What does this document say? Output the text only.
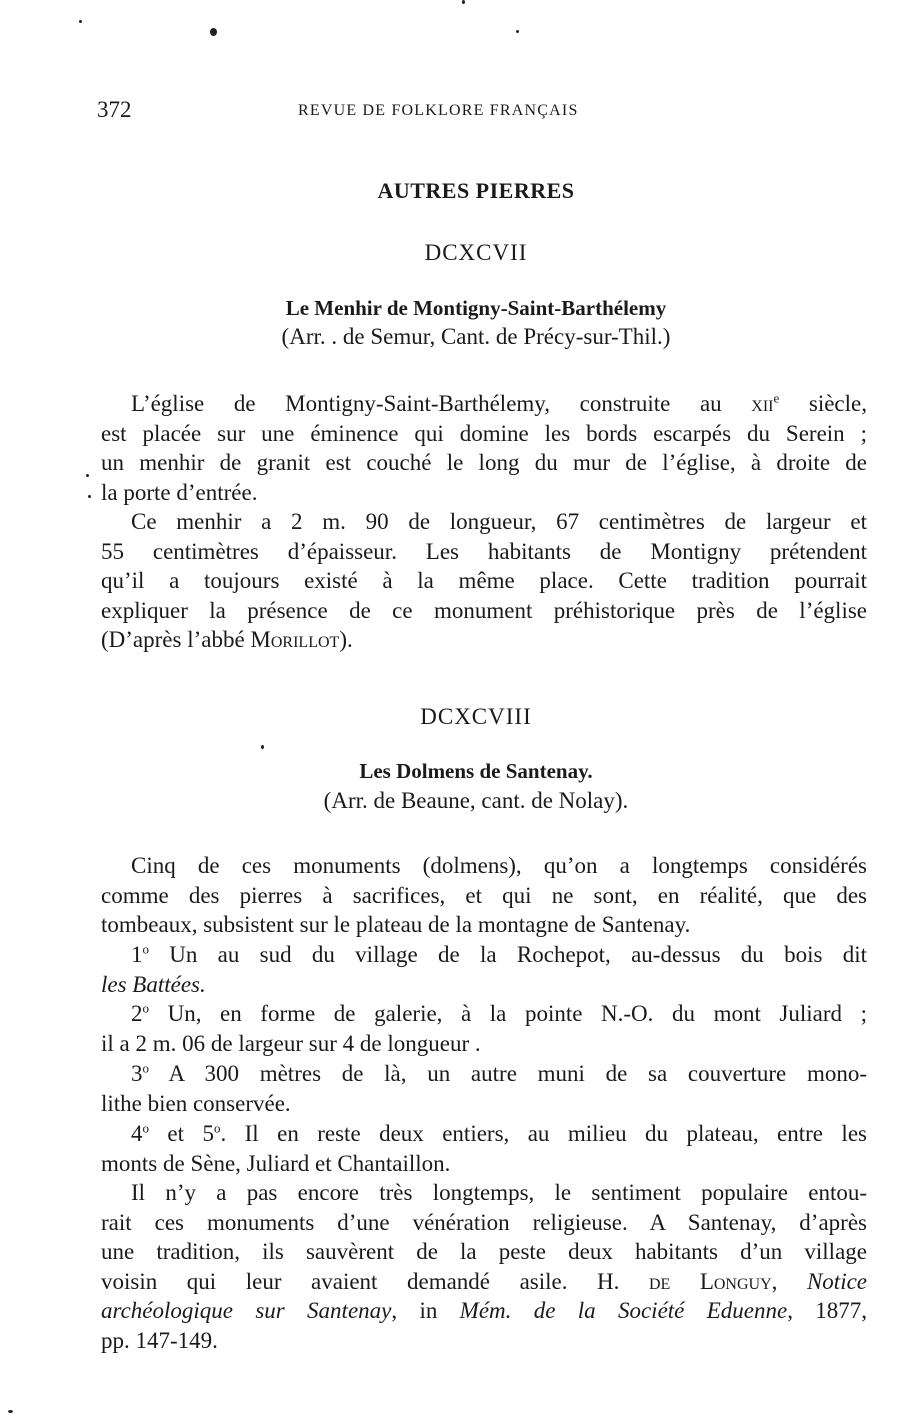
372	REVUE DE FOLKLORE FRANÇAIS
AUTRES PIERRES
DCXCVII
Le Menhir de Montigny-Saint-Barthélemy
(Arr. . de Semur, Cant. de Précy-sur-Thil.)
L’église de Montigny-Saint-Barthélemy, construite au xii$^e$ siècle,
est placée sur une éminence qui domine les bords escarpés du Serein ;
un menhir de granit est couché le long du mur de l’église, à droite de
la porte d’entrée.
Ce menhir a 2 m. 90 de longueur, 67 centimètres de largeur et
55 centimètres d’épaisseur. Les habitants de Montigny prétendent
qu’il a toujours existé à la même place. Cette tradition pourrait
expliquer la présence de ce monument préhistorique près de l’église
(D’après l’abbé Morillot).
DCXCVIII
Les Dolmens de Santenay.
(Arr. de Beaune, cant. de Nolay).
Cinq de ces monuments (dolmens), qu’on a longtemps considérés
comme des pierres à sacrifices, et qui ne sont, en réalité, que des
tombeaux, subsistent sur le plateau de la montagne de Santenay.
1$^o$ Un au sud du village de la Rochepot, au-dessus du bois dit
les Battées.
2$^o$ Un, en forme de galerie, à la pointe N.-O. du mont Juliard ;
il a 2 m. 06 de largeur sur 4 de longueur .
3$^o$ A 300 mètres de là, un autre muni de sa couverture mono-
lithe bien conservée.
4$^o$ et 5$^o$. Il en reste deux entiers, au milieu du plateau, entre les
monts de Sène, Juliard et Chantaillon.
Il n’y a pas encore très longtemps, le sentiment populaire entou-
rait ces monuments d’une vénération religieuse. A Santenay, d’après
une tradition, ils sauvèrent de la peste deux habitants d’un village
voisin qui leur avaient demandé asile. H. de Longuy, Notice
archéologique sur Santenay, in Mém. de la Société Eduenne, 1877,
pp. 147-149.
